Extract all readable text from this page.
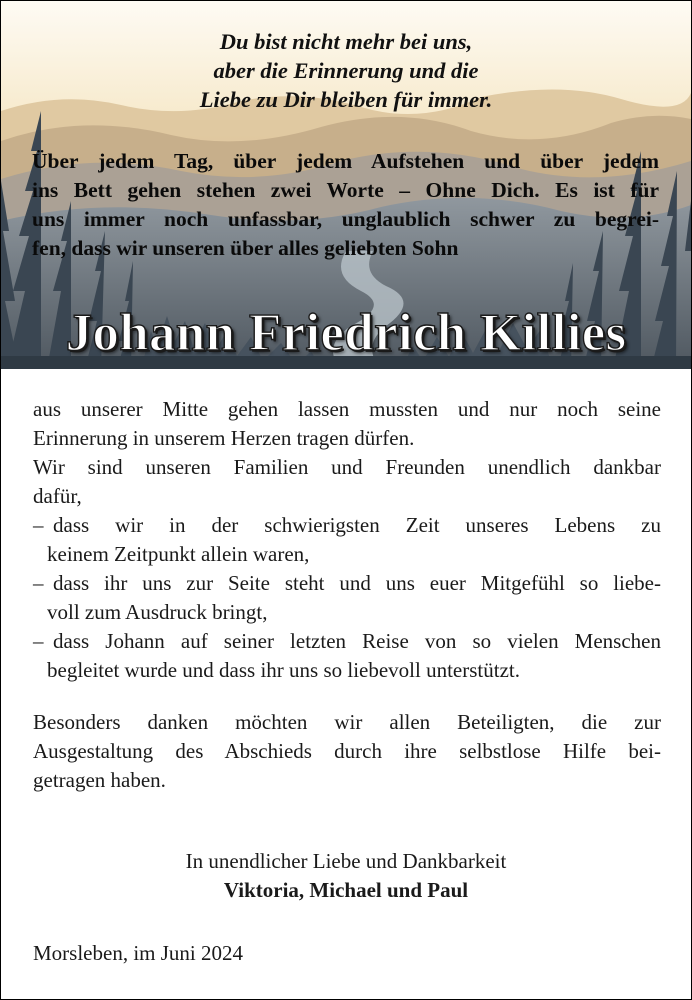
Du bist nicht mehr bei uns,
aber die Erinnerung und die
Liebe zu Dir bleiben für immer.
Über jedem Tag, über jedem Aufstehen und über jedem
ins Bett gehen stehen zwei Worte – Ohne Dich. Es ist für
uns immer noch unfassbar, unglaublich schwer zu begrei-
fen, dass wir unseren über alles geliebten Sohn
Johann Friedrich Killies
aus unserer Mitte gehen lassen mussten und nur noch seine
Erinnerung in unserem Herzen tragen dürfen.
Wir sind unseren Familien und Freunden unendlich dankbar
dafür,
– dass wir in der schwierigsten Zeit unseres Lebens zu
keinem Zeitpunkt allein waren,
– dass ihr uns zur Seite steht und uns euer Mitgefühl so liebe-
voll zum Ausdruck bringt,
– dass Johann auf seiner letzten Reise von so vielen Menschen
begleitet wurde und dass ihr uns so liebevoll unterstützt.
Besonders danken möchten wir allen Beteiligten, die zur
Ausgestaltung des Abschieds durch ihre selbstlose Hilfe bei-
getragen haben.
In unendlicher Liebe und Dankbarkeit
Viktoria, Michael und Paul
Morsleben, im Juni 2024
